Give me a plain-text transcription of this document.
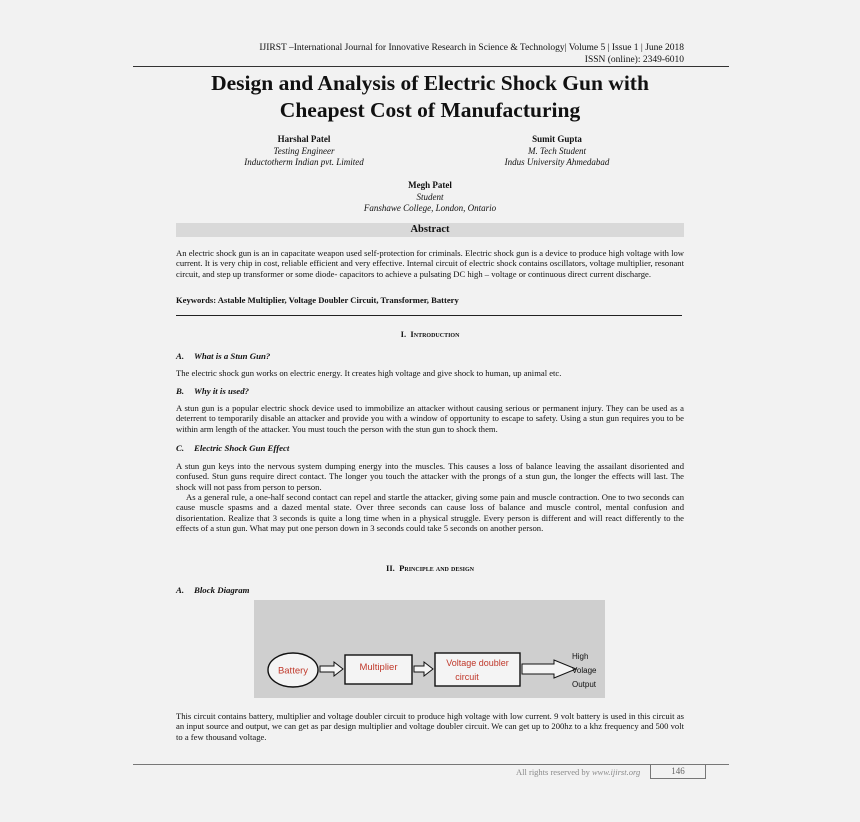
IJIRST –International Journal for Innovative Research in Science & Technology| Volume 5 | Issue 1 | June 2018
ISSN (online): 2349-6010
Design and Analysis of Electric Shock Gun with
Cheapest Cost of Manufacturing
Harshal Patel
Testing Engineer
Inductotherm Indian pvt. Limited
Sumit Gupta
M. Tech Student
Indus University Ahmedabad
Megh Patel
Student
Fanshawe College, London, Ontario
Abstract
An electric shock gun is an in capacitate weapon used self-protection for criminals. Electric shock gun is a device to produce high voltage with low current. It is very chip in cost, reliable efficient and very effective. Internal circuit of electric shock contains oscillators, voltage multiplier, resonant circuit, and step up transformer or some diode- capacitors to achieve a pulsating DC high – voltage or continuous direct current discharge.
Keywords: Astable Multiplier, Voltage Doubler Circuit, Transformer, Battery
I. Introduction
A. What is a Stun Gun?
The electric shock gun works on electric energy. It creates high voltage and give shock to human, up animal etc.
B. Why it is used?
A stun gun is a popular electric shock device used to immobilize an attacker without causing serious or permanent injury. They can be used as a deterrent to temporarily disable an attacker and provide you with a window of opportunity to escape to safety. Using a stun gun requires you to be within arm length of the attacker. You must touch the person with the stun gun to shock them.
C. Electric Shock Gun Effect
A stun gun keys into the nervous system dumping energy into the muscles. This causes a loss of balance leaving the assailant disoriented and confused. Stun guns require direct contact. The longer you touch the attacker with the prongs of a stun gun, the longer the effects will last. The shock will not pass from person to person.
As a general rule, a one-half second contact can repel and startle the attacker, giving some pain and muscle contraction. One to two seconds can cause muscle spasms and a dazed mental state. Over three seconds can cause loss of balance and muscle control, mental confusion and disorientation. Realize that 3 seconds is quite a long time when in a physical struggle. Every person is different and will react differently to the effects of a stun gun. What may put one person down in 3 seconds could take 5 seconds on another person.
II. Principle and design
A. Block Diagram
Battery	Multiplier	Voltage doubler
circuit
High
Volage
Output
This circuit contains battery, multiplier and voltage doubler circuit to produce high voltage with low current. 9 volt battery is used in this circuit as an input source and output, we can get as par design multiplier and voltage doubler circuit. We can get up to 200hz to a khz frequency and 500 volt to a few thousand voltage.
All rights reserved by www.ijirst.org	146
